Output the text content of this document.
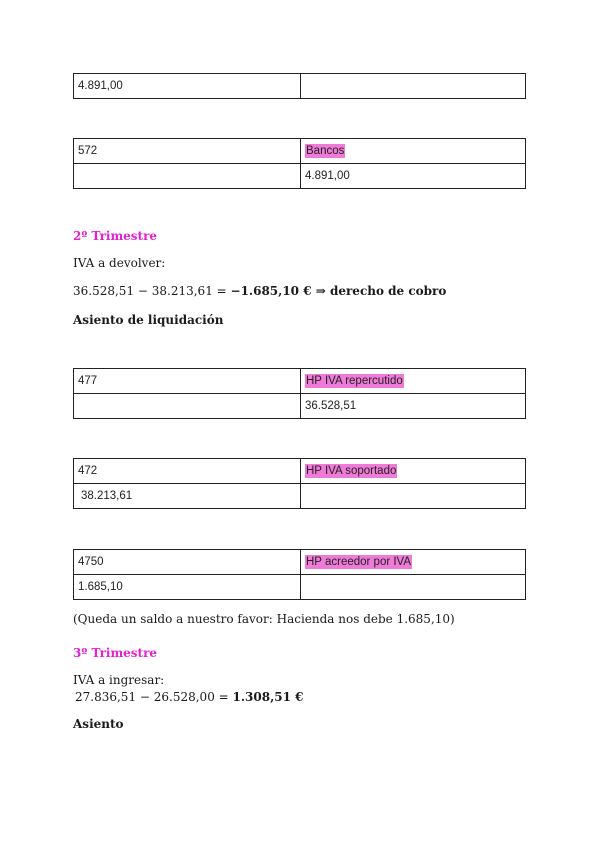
4.891,00	
572	Bancos
	4.891,00
2º Trimestre
IVA a devolver:
36.528,51 − 38.213,61 = −1.685,10 € ⇒ derecho de cobro
Asiento de liquidación
477	HP IVA repercutido
	36.528,51
472	HP IVA soportado
38.213,61	
4750	HP acreedor por IVA
1.685,10	
(Queda un saldo a nuestro favor: Hacienda nos debe 1.685,10)
3º Trimestre
IVA a ingresar:
27.836,51 − 26.528,00 = 1.308,51 €
Asiento
